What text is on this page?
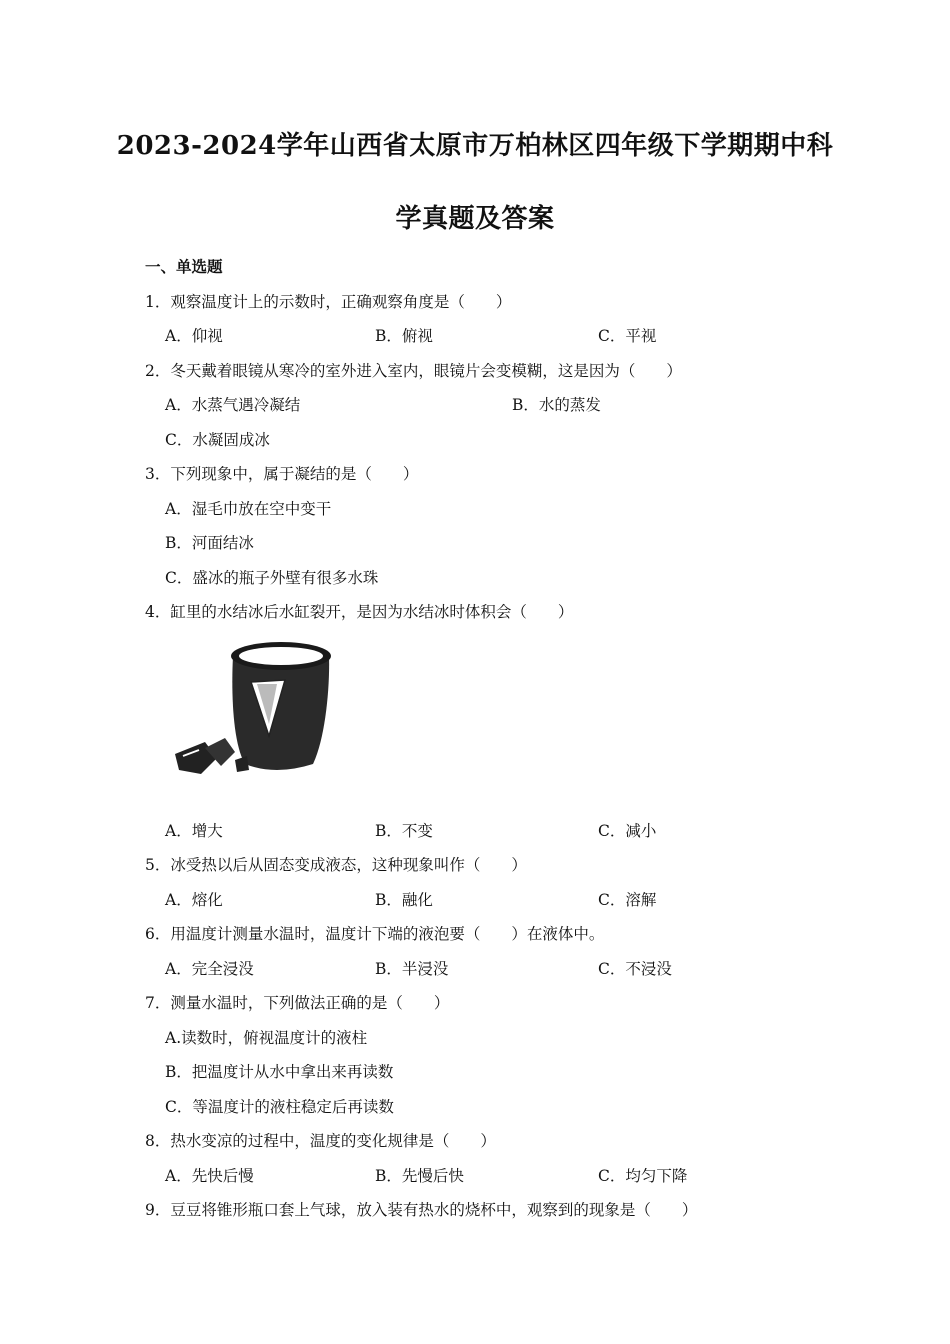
2023-2024学年山西省太原市万柏林区四年级下学期期中科
学真题及答案
一、单选题
1．观察温度计上的示数时，正确观察角度是（　　）
A．仰视	B．俯视	C．平视
2．冬天戴着眼镜从寒冷的室外进入室内，眼镜片会变模糊，这是因为（　　）
A．水蒸气遇冷凝结	B．水的蒸发
C．水凝固成冰
3．下列现象中，属于凝结的是（　　）
A．湿毛巾放在空中变干
B．河面结冰
C．盛冰的瓶子外壁有很多水珠
4．缸里的水结冰后水缸裂开，是因为水结冰时体积会（　　）
A．增大	B．不变	C．减小
5．冰受热以后从固态变成液态，这种现象叫作（　　）
A．熔化	B．融化	C．溶解
6．用温度计测量水温时，温度计下端的液泡要（　　）在液体中。
A．完全浸没	B．半浸没	C．不浸没
7．测量水温时，下列做法正确的是（　　）
A.读数时，俯视温度计的液柱
B．把温度计从水中拿出来再读数
C．等温度计的液柱稳定后再读数
8．热水变凉的过程中，温度的变化规律是（　　）
A．先快后慢	B．先慢后快	C．均匀下降
9．豆豆将锥形瓶口套上气球，放入装有热水的烧杯中，观察到的现象是（　　）
